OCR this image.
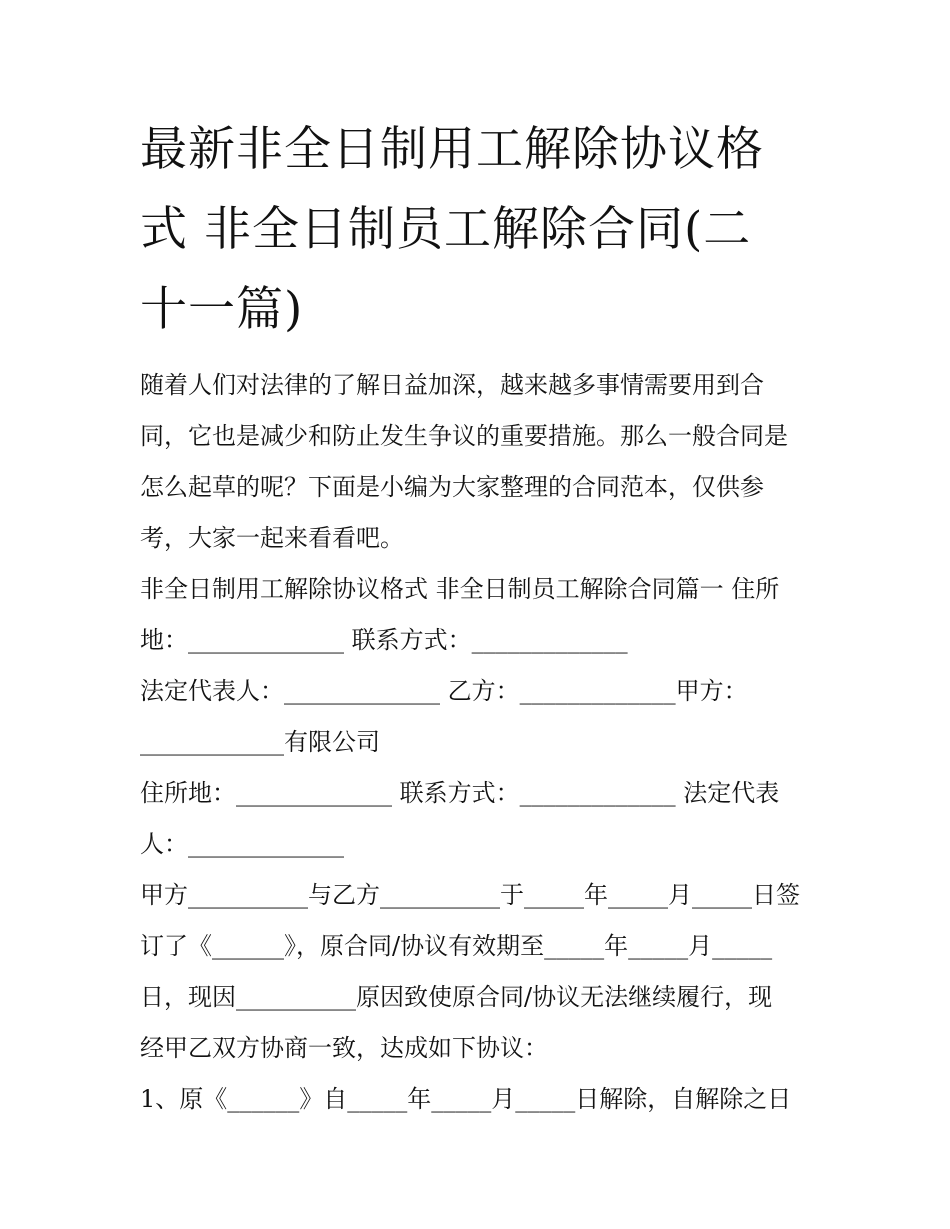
最新非全日制用工解除协议格
式 非全日制员工解除合同(二
十一篇)

随着人们对法律的了解日益加深，越来越多事情需要用到合

同，它也是减少和防止发生争议的重要措施。那么一般合同是

怎么起草的呢？下面是小编为大家整理的合同范本，仅供参

考，大家一起来看看吧。

非全日制用工解除协议格式 非全日制员工解除合同篇一 住所

地：_____________ 联系方式：_____________

法定代表人：_____________ 乙方：_____________甲方：

____________有限公司

住所地：_____________ 联系方式：_____________ 法定代表

人：_____________

甲方__________与乙方__________于_____年_____月_____日签

订了《______》，原合同/协议有效期至_____年_____月_____

日，现因__________原因致使原合同/协议无法继续履行，现

经甲乙双方协商一致，达成如下协议：

1、原《______》自_____年_____月_____日解除，自解除之日
